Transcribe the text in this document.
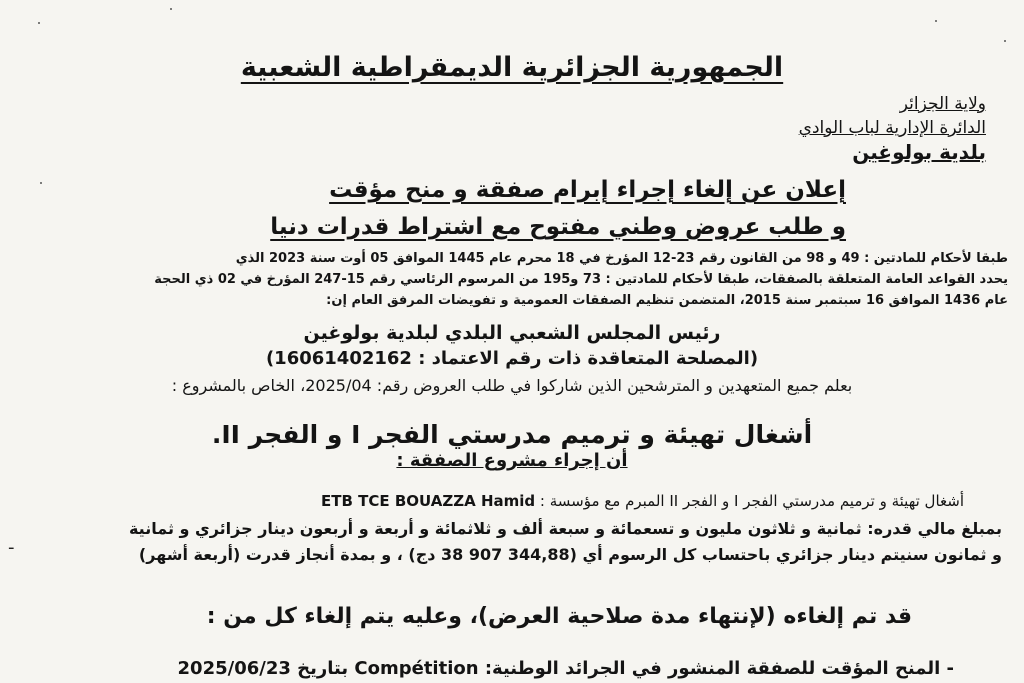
الجمهورية الجزائرية الديمقراطية الشعبية
ولاية الجزائر
الدائرة الإدارية لباب الوادي
بلدية بولوغين
إعلان عن إلغاء إجراء إبرام صفقة و منح مؤقت
و طلب عروض وطني مفتوح مع اشتراط قدرات دنيا
طبقا لأحكام للمادتين : 49 و 98 من القانون رقم 23-12 المؤرخ في 18 محرم عام 1445 الموافق 05 أوت سنة 2023 الذي
يحدد القواعد العامة المتعلقة بالصفقات، طبقا لأحكام للمادتين : 73 و195 من المرسوم الرئاسي رقم 15-247 المؤرخ في 02 ذي الحجة
عام 1436 الموافق 16 سبتمبر سنة 2015، المتضمن تنظيم الصفقات العمومية و تفويضات المرفق العام إن:
رئيس المجلس الشعبي البلدي لبلدية بولوغين
(المصلحة المتعاقدة ذات رقم الاعتماد : 16061402162)
بعلم جميع المتعهدين و المترشحين الذين شاركوا في طلب العروض رقم: 2025/04، الخاص بالمشروع :
أشغال تهيئة و ترميم مدرستي الفجر I و الفجر II.
أن إجراء مشروع الصفقة :
أشغال تهيئة و ترميم مدرستي الفجر I و الفجر II المبرم مع مؤسسة : ETB TCE BOUAZZA Hamid
-
بمبلغ مالي قدره: ثمانية و ثلاثون مليون و تسعمائة و سبعة ألف و ثلاثمائة و أربعة و أربعون دينار جزائري و ثمانية
و ثمانون سنيتم دينار جزائري باحتساب كل الرسوم أي (344,88 907 38 دج) ، و بمدة أنجاز قدرت (أربعة أشهر)
قد تم إلغاءه (لإنتهاء مدة صلاحية العرض)، وعليه يتم إلغاء كل من :
- المنح المؤقت للصفقة المنشور في الجرائد الوطنية: Compétition بتاريخ 2025/06/23
